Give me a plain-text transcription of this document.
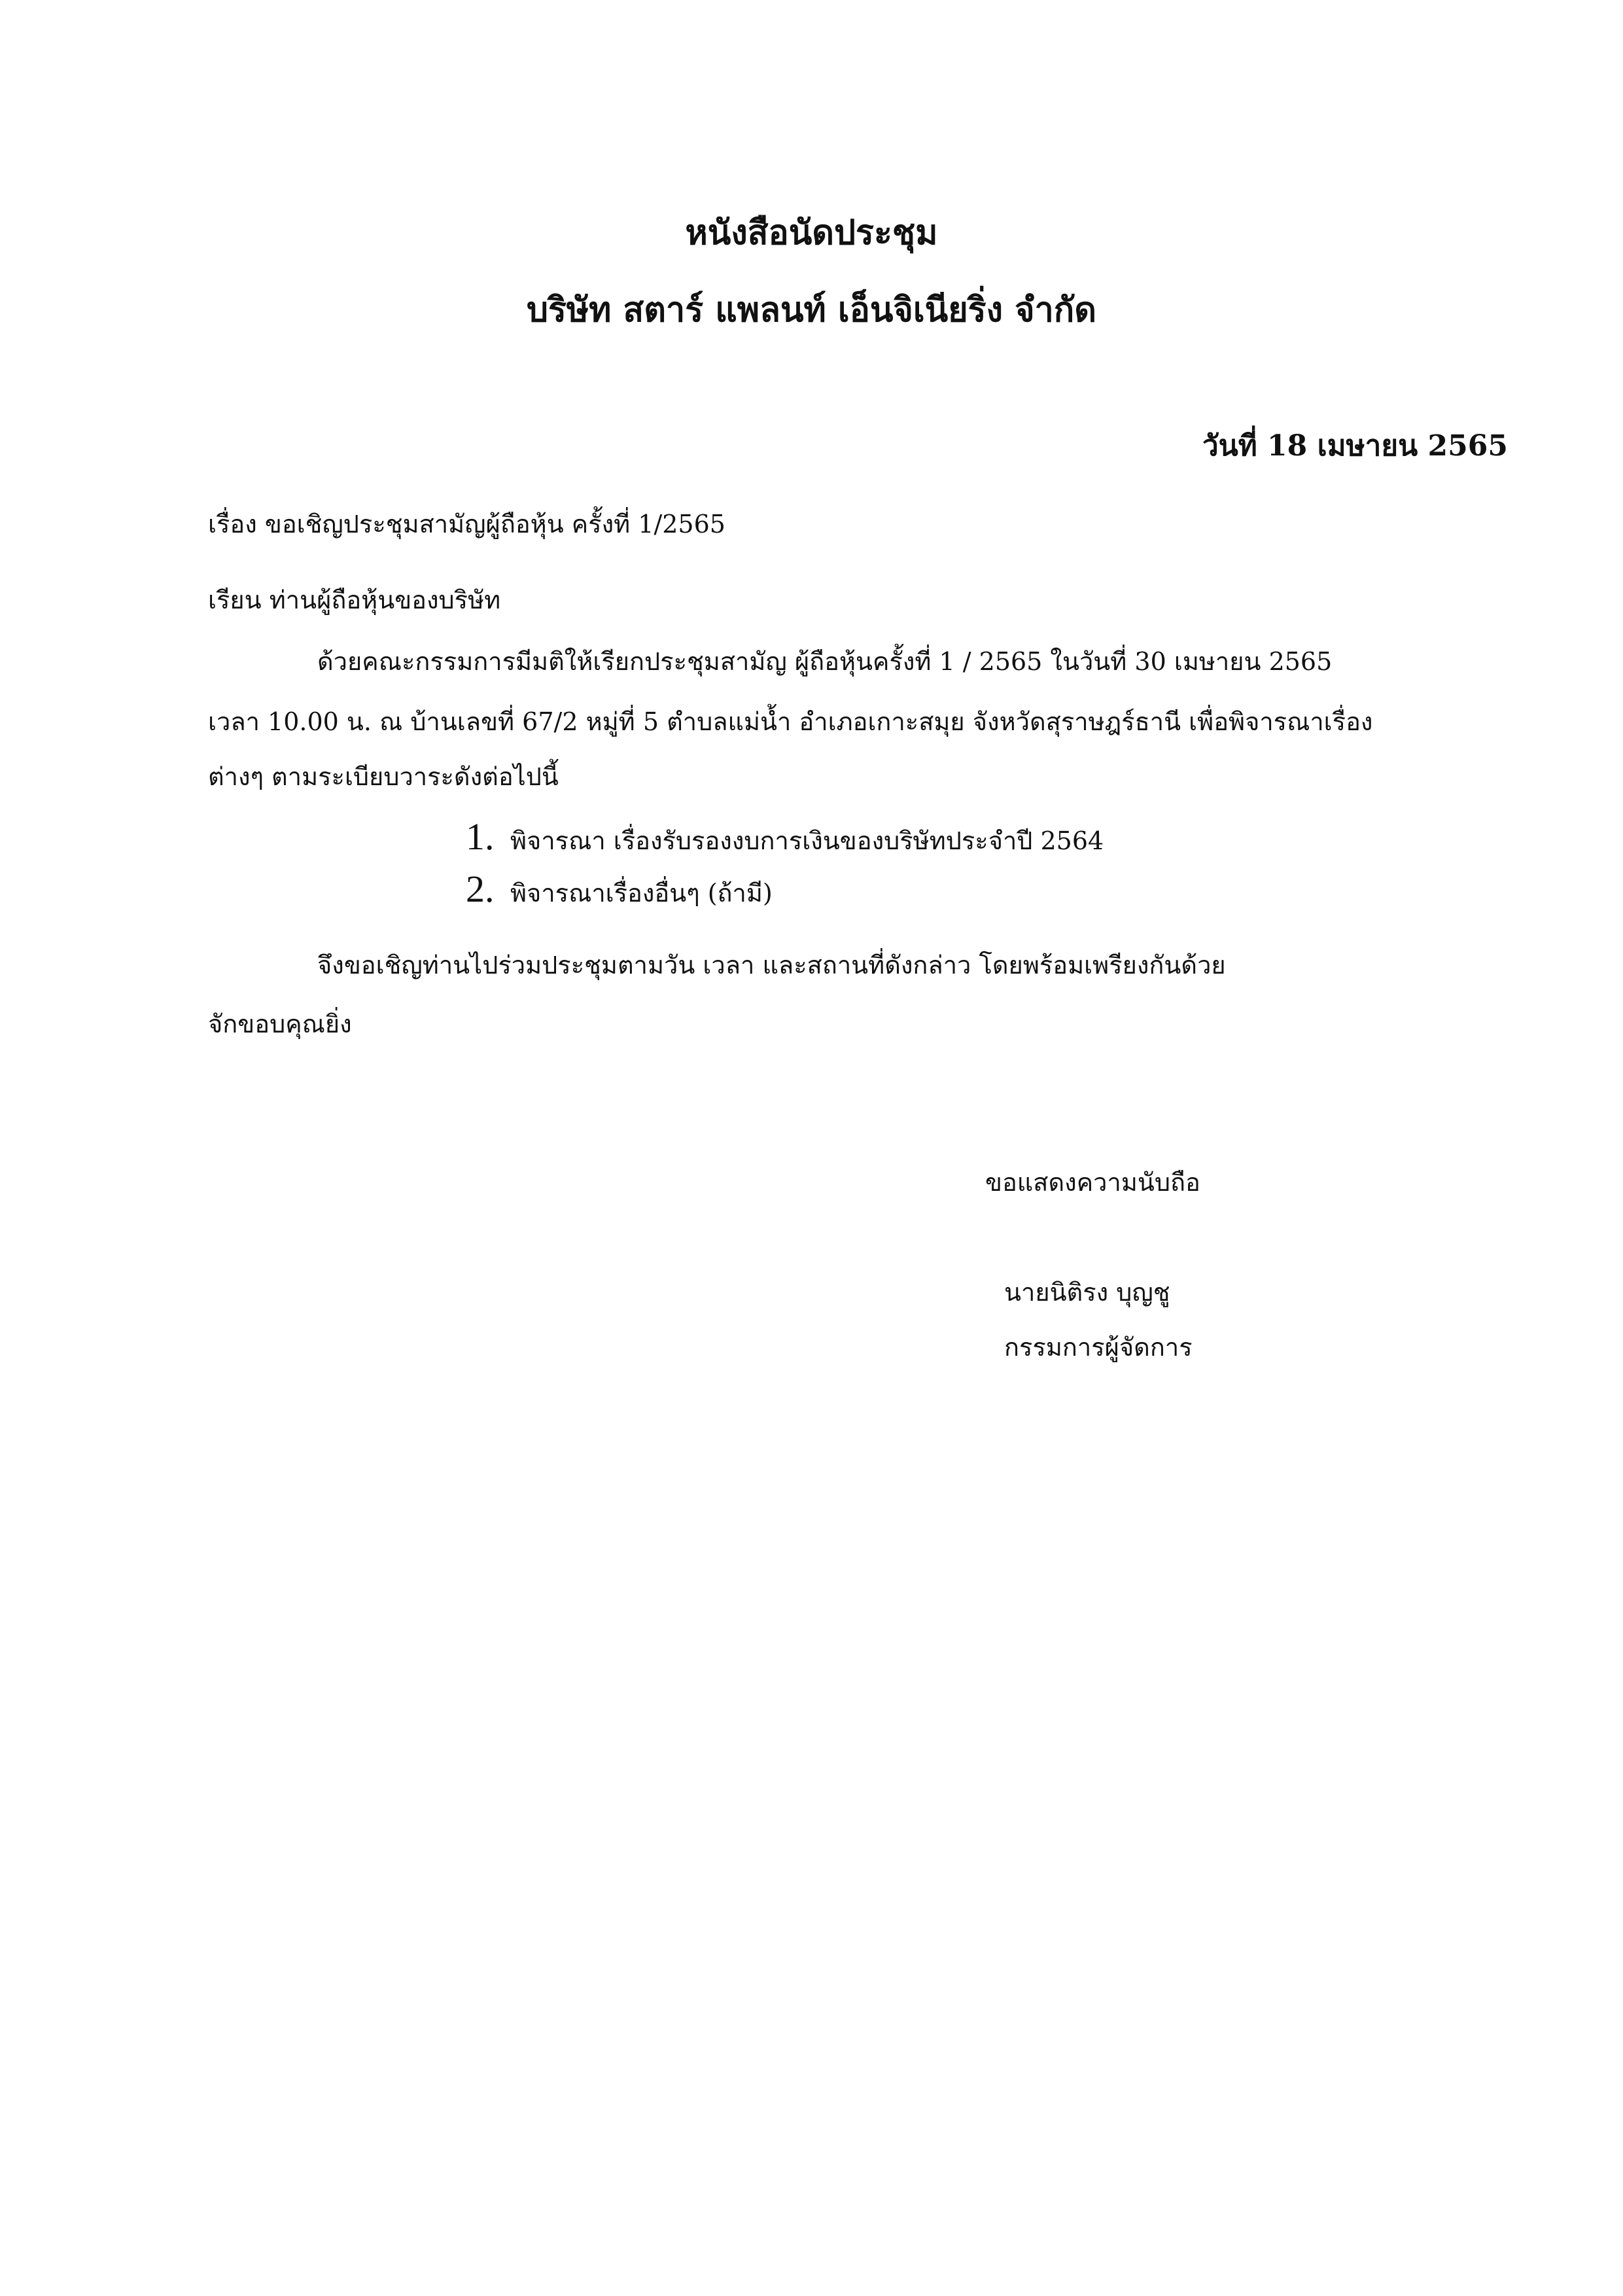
หนังสือนัดประชุม
บริษัท สตาร์ แพลนท์ เอ็นจิเนียริ่ง จำกัด
วันที่ 18 เมษายน 2565
เรื่อง ขอเชิญประชุมสามัญผู้ถือหุ้น ครั้งที่ 1/2565
เรียน ท่านผู้ถือหุ้นของบริษัท
ด้วยคณะกรรมการมีมติให้เรียกประชุมสามัญ ผู้ถือหุ้นครั้งที่ 1 / 2565 ในวันที่ 30 เมษายน 2565
เวลา 10.00 น. ณ บ้านเลขที่ 67/2 หมู่ที่ 5 ตำบลแม่น้ำ อำเภอเกาะสมุย จังหวัดสุราษฎร์ธานี เพื่อพิจารณาเรื่อง
ต่างๆ ตามระเบียบวาระดังต่อไปนี้
1. พิจารณา เรื่องรับรองงบการเงินของบริษัทประจำปี 2564
2. พิจารณาเรื่องอื่นๆ (ถ้ามี)
จึงขอเชิญท่านไปร่วมประชุมตามวัน เวลา และสถานที่ดังกล่าว โดยพร้อมเพรียงกันด้วย
จักขอบคุณยิ่ง
ขอแสดงความนับถือ
นายนิติรง บุญชู
กรรมการผู้จัดการ
